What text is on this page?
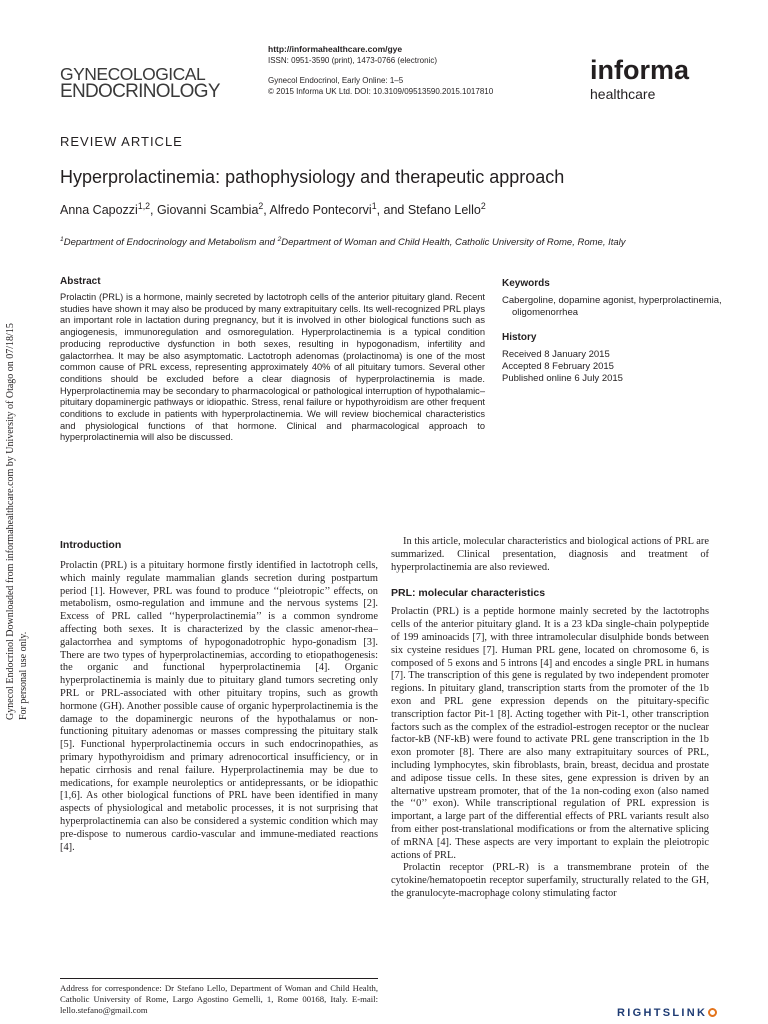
Gynecol Endocrinol Downloaded from informahealthcare.com by University of Otago on 07/18/15 For personal use only.
GYNECOLOGICAL
ENDOCRINOLOGY
http://informahealthcare.com/gye
ISSN: 0951-3590 (print), 1473-0766 (electronic)
Gynecol Endocrinol, Early Online: 1–5
© 2015 Informa UK Ltd. DOI: 10.3109/09513590.2015.1017810
informa
healthcare
REVIEW ARTICLE
Hyperprolactinemia: pathophysiology and therapeutic approach
Anna Capozzi$^{1,2}$, Giovanni Scambia$^2$, Alfredo Pontecorvi$^1$, and Stefano Lello$^2$
$^1$Department of Endocrinology and Metabolism and $^2$Department of Woman and Child Health, Catholic University of Rome, Rome, Italy
Abstract

Prolactin (PRL) is a hormone, mainly secreted by lactotroph cells of the anterior pituitary gland. Recent studies have shown it may also be produced by many extrapituitary cells. Its well-recognized PRL plays an important role in lactation during pregnancy, but it is involved in other biological functions such as angiogenesis, immunoregulation and osmoregulation. Hyperprolactinemia is a typical condition producing reproductive dysfunction in both sexes, resulting in hypogonadism, infertility and galactorrhea. It may be also asymptomatic. Lactotroph adenomas (prolactinoma) is one of the most common cause of PRL excess, representing approximately 40% of all pituitary tumors. Several other conditions should be excluded before a clear diagnosis of hyperprolactinemia is made. Hyperprolactinemia may be secondary to pharmacological or pathological interruption of hypothalamic–pituitary dopaminergic pathways or idiopathic. Stress, renal failure or hypothyroidism are other frequent conditions to exclude in patients with hyperprolactinemia. We will review biochemical characteristics and physiological functions of that hormone. Clinical and pharmacological approach to hyperprolactinemia will also be discussed.

Keywords

Cabergoline, dopamine agonist, hyperprolactinemia, oligomenorrhea

History
Received 8 January 2015
Accepted 8 February 2015
Published online 6 July 2015
Introduction

Prolactin (PRL) is a pituitary hormone firstly identified in lactotroph cells, which mainly regulate mammalian glands secretion during postpartum period [1]. However, PRL was found to produce ‘‘pleiotropic’’ effects, on metabolism, osmo-regulation and immune and the nervous systems [2]. Excess of PRL called ‘‘hyperprolactinemia’’ is a common syndrome affecting both sexes. It is characterized by the classic amenor-rhea–galactorrhea and symptoms of hypogonadotrophic hypo-gonadism [3]. There are two types of hyperprolactinemias, according to etiopathogenesis: the organic and functional hyperprolactinemia [4]. Organic hyperprolactinemia is mainly due to pituitary gland tumors secreting only PRL or PRL-associated with other pituitary tropins, such as growth hormone (GH). Another possible cause of organic hyperprolactinemia is the damage to the dopaminergic neurons of the hypothalamus or non-functioning pituitary adenomas or masses compressing the pituitary stalk [5]. Functional hyperprolactinemia occurs in such endocrinopathies, as primary hypothyroidism and primary adrenocortical insufficiency, or in hepatic cirrhosis and renal failure. Hyperprolactinemia may be due to medications, for example neuroleptics or antidepressants, or be idiopathic [1,6]. As other biological functions of PRL have been identified in many aspects of physiological and metabolic processes, it is not surprising that hyperprolactinemia can also be considered a systemic condition which may pre-dispose to numerous cardio-vascular and immune-mediated reactions [4].

Address for correspondence: Dr Stefano Lello, Department of Woman and Child Health, Catholic University of Rome, Largo Agostino Gemelli, 1, Rome 00168, Italy. E-mail: lello.stefano@gmail.com

In this article, molecular characteristics and biological actions of PRL are summarized. Clinical presentation, diagnosis and treatment of hyperprolactinemia are also reviewed.

PRL: molecular characteristics

Prolactin (PRL) is a peptide hormone mainly secreted by the lactotrophs cells of the anterior pituitary gland. It is a 23 kDa single-chain polypeptide of 199 aminoacids [7], with three intramolecular disulphide bonds between six cysteine residues [7]. Human PRL gene, located on chromosome 6, is composed of 5 exons and 5 introns [4] and encodes a single PRL in humans [7]. The transcription of this gene is regulated by two independent promoter regions. In pituitary gland, transcription starts from the promoter of the 1b exon and PRL gene expression depends on the pituitary-specific transcription factor Pit-1 [8]. Acting together with Pit-1, other transcription factors such as the complex of the estradiol-estrogen receptor or the nuclear factor-kB (NF-kB) were found to activate PRL gene transcription in the 1b exon promoter [8]. There are also many extrapituitary sources of PRL, including lymphocytes, skin fibroblasts, brain, breast, decidua and prostate and adipose tissue cells. In these sites, gene expression is driven by an alternative upstream promoter, that of the 1a non-coding exon (also named the ‘‘0’’ exon). While transcriptional regulation of PRL expression is important, a large part of the differential effects of PRL variants result also from either post-translational modifications or from the alternative splicing of mRNA [4]. These aspects are very important to explain the pleiotropic actions of PRL.

Prolactin receptor (PRL-R) is a transmembrane protein of the cytokine/hematopoetin receptor superfamily, structurally related to the GH, the granulocyte-macrophage colony stimulating factor

RIGHTSLINK
